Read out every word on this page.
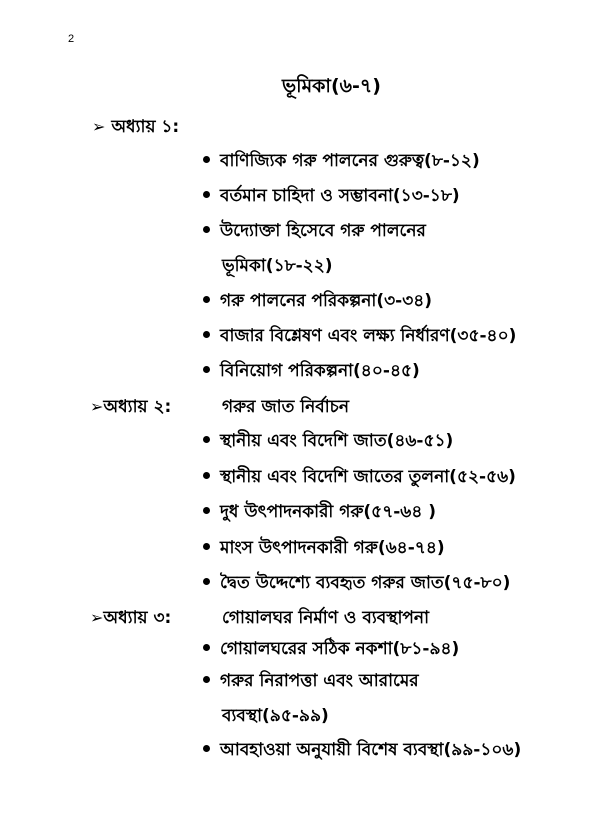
2
ভূমিকা(৬-৭)
➢ অধ্যায় ১:
বাণিজ্যিক গরু পালনের গুরুত্ব(৮-১২)
বর্তমান চাহিদা ও সম্ভাবনা(১৩-১৮)
উদ্যোক্তা হিসেবে গরু পালনের
ভূমিকা(১৮-২২)
গরু পালনের পরিকল্পনা(৩-৩৪)
বাজার বিশ্লেষণ এবং লক্ষ্য নির্ধারণ(৩৫-৪০)
বিনিয়োগ পরিকল্পনা(৪০-৪৫)
➢অধ্যায় ২:	গরুর জাত নির্বাচন
স্থানীয় এবং বিদেশি জাত(৪৬-৫১)
স্থানীয় এবং বিদেশি জাতের তুলনা(৫২-৫৬)
দুধ উৎপাদনকারী গরু(৫৭-৬৪ )
মাংস উৎপাদনকারী গরু(৬৪-৭৪)
দ্বৈত উদ্দেশ্যে ব্যবহৃত গরুর জাত(৭৫-৮০)
➢অধ্যায় ৩:	গোয়ালঘর নির্মাণ ও ব্যবস্থাপনা
গোয়ালঘরের সঠিক নকশা(৮১-৯৪)
গরুর নিরাপত্তা এবং আরামের
ব্যবস্থা(৯৫-৯৯)
আবহাওয়া অনুযায়ী বিশেষ ব্যবস্থা(৯৯-১০৬)
